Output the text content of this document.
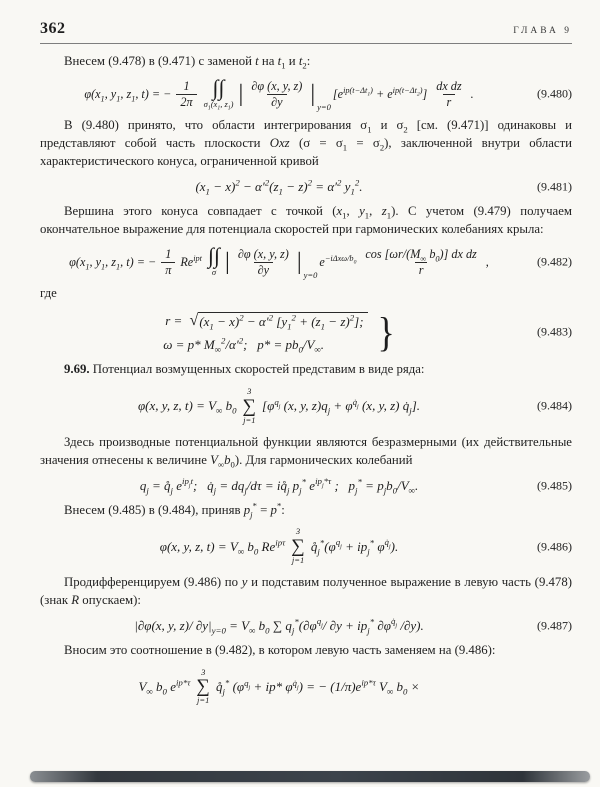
362	ГЛАВА 9

Внесем (9.478) в (9.471) с заменой t на $t_1$ и $t_2$:

$\varphi(x_1$, $y_1$, $z_1$, t) = − $\frac{1}{2\pi}$ ∫∫
$\sigma_1(x_1$, $z_1$) | $\frac{\partial\varphi (x, y, z)}{\partial y}$ |
y=0
$[e^{ip(t-\Delta t_1)} + e^{ip(t-\Delta t_2)}] \frac{\text{dx dz}}{r}$ .	(9.480)

В (9.480) принято, что области интегрирования $\sigma_1$ и $\sigma_2$ [см. (9.471)] одинаковы и представляют собой часть плоскости Oxz $(\sigma = \sigma_1 = \sigma_2)$, заключенной внутри области характеристического конуса, ограниченной кривой

$(x_1 - x)^2 - \alpha'^2(z_1 - z)^2 = \alpha'^2$ $y_1^2$.	(9.481)

Вершина этого конуса совпадает с точкой ($x_1$, $y_1$, $z_1$). С учетом (9.479) получаем окончательное выражение для потенциала скоростей при гармонических колебаниях крыла:

$\varphi(x_1$, $y_1$, $z_1$, t) = − $\frac{1}{\pi} Re^{ipt}$ ∫∫
σ | $\frac{\partial\varphi (x, y, z)}{\partial y}$ |
y=0
$e^{-i\Delta x\omega/b_0} \frac{\cos [\omega r/(M_\infty b_0)] dx dz}{r}$ ,	(9.482)

где

r = √ $(x_1 - x)^2 - \alpha'^2$ $[y_1^2 + (z_1 - z)^2]$;
ω = p* $M_\infty^2/\alpha'^2$;   $p* = pb_0/V_\infty$. }	(9.483)

9.69. Потенциал возмущенных скоростей представим в виде ряда:

φ(x, y, z, $t) = V_\infty$ $b_0$
3
∑
j=1
[$\varphi^{q_j}$ (x, y, $z)q_j + \varphi^{q̇_j}$ (x, y, z) $q̇_j$].	(9.484)

Здесь производные потенциальной функции являются безразмерными (их действительные значения отнесены к величине $V_\infty b_0$). Для гармонических колебаний

$q_j$ = $q̊_j$ $e^{ip_jt}$;   $q̇_j = dq_j/d\tau$ = $iq̊_j$ $p_j^*$ $e^{ip_j*\tau}$ ;   $p_j^* = p_jb_0/V_\infty$.	(9.485)

Внесем (9.485) в (9.484), приняв $p_j^* = p^*$:

φ(x, y, z, $t) = V_\infty$ $b_0$ $Re^{ip\tau}$
3
∑
j=1
$q̊_j^*(\varphi^{q_j} + ip_j^*$ $\varphi^{q̇_j}$).	(9.486)

Продифференцируем (9.486) по y и подставим полученное выражение в левую часть (9.478) (знак R опускаем):

|∂φ(x, y, z)/ $\partial y|_{y=0} = V_\infty$ $b_0$ ∑ $q_j^*(\partial\varphi^{q_j}/$ $\partial y + ip_j^*$ $\partial\varphi^{q̇_j}$ /∂y).	(9.487)

Вносим это соотношение в (9.482), в котором левую часть заменяем на (9.486):

$V_\infty$ $b_0$ $e^{ip*\tau}$
3
∑
j=1
$q̊_j^*$ ($\varphi^{q_j} + ip*$ $\varphi^{q̇_j}$) = − $(1/\pi)e^{ip*\tau}$ $V_\infty$ $b_0$ ×
